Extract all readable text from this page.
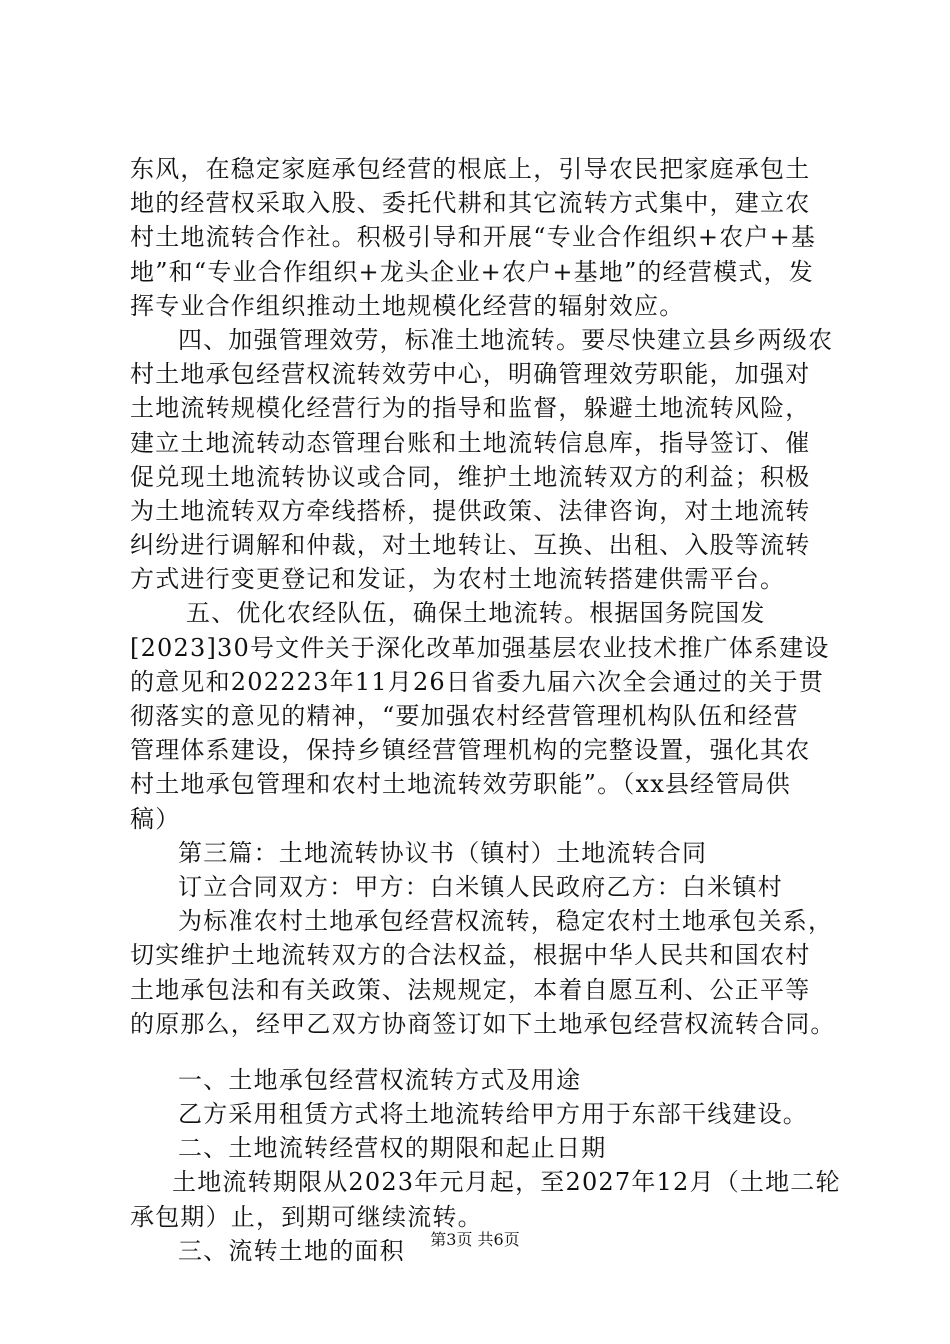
东风，在稳定家庭承包经营的根底上，引导农民把家庭承包土
地的经营权采取入股、委托代耕和其它流转方式集中，建立农
村土地流转合作社。积极引导和开展“专业合作组织+农户+基
地”和“专业合作组织+龙头企业+农户+基地”的经营模式，发
挥专业合作组织推动土地规模化经营的辐射效应。
四、加强管理效劳，标准土地流转。要尽快建立县乡两级农
村土地承包经营权流转效劳中心，明确管理效劳职能，加强对
土地流转规模化经营行为的指导和监督，躲避土地流转风险，
建立土地流转动态管理台账和土地流转信息库，指导签订、催
促兑现土地流转协议或合同，维护土地流转双方的利益；积极
为土地流转双方牵线搭桥，提供政策、法律咨询，对土地流转
纠纷进行调解和仲裁，对土地转让、互换、出租、入股等流转
方式进行变更登记和发证，为农村土地流转搭建供需平台。
五、优化农经队伍，确保土地流转。根据国务院国发
[2023]30号文件关于深化改革加强基层农业技术推广体系建设
的意见和202223年11月26日省委九届六次全会通过的关于贯
彻落实的意见的精神，“要加强农村经营管理机构队伍和经营
管理体系建设，保持乡镇经营管理机构的完整设置，强化其农
村土地承包管理和农村土地流转效劳职能”。（xx县经管局供
稿）
第三篇：土地流转协议书（镇村）土地流转合同
订立合同双方：甲方：白米镇人民政府乙方：白米镇村
为标准农村土地承包经营权流转，稳定农村土地承包关系，
切实维护土地流转双方的合法权益，根据中华人民共和国农村
土地承包法和有关政策、法规规定，本着自愿互利、公正平等
的原那么，经甲乙双方协商签订如下土地承包经营权流转合同。
一、土地承包经营权流转方式及用途
乙方采用租赁方式将土地流转给甲方用于东部干线建设。
二、土地流转经营权的期限和起止日期
土地流转期限从2023年元月起，至2027年12月（土地二轮
承包期）止，到期可继续流转。
三、流转土地的面积	第3页 共6页
